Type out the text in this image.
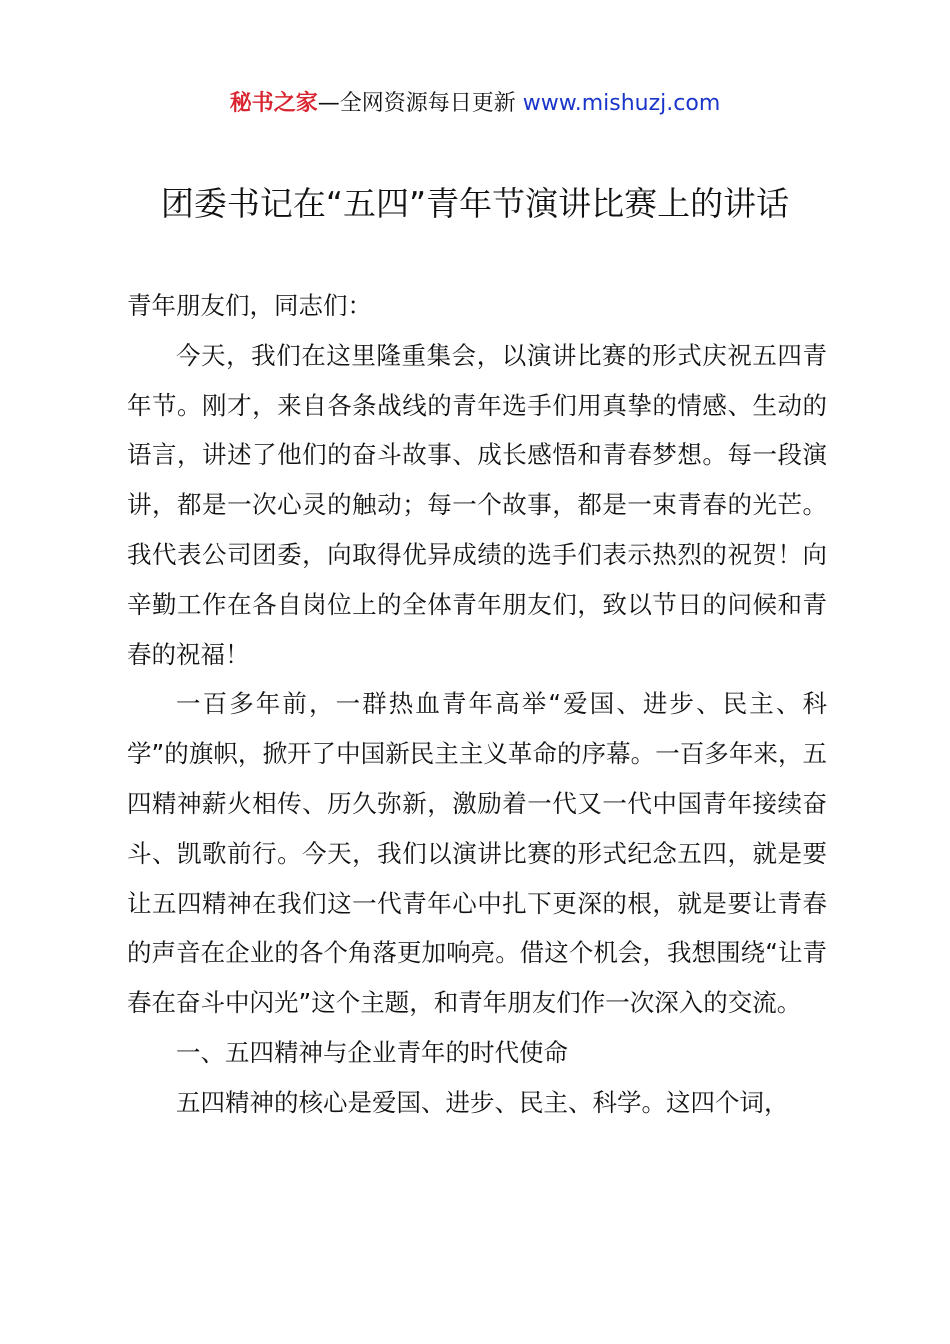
秘书之家—全网资源每日更新 www.mishuzj.com
团委书记在“五四”青年节演讲比赛上的讲话

青年朋友们，同志们：

今天，我们在这里隆重集会，以演讲比赛的形式庆祝五四青年节。刚才，来自各条战线的青年选手们用真挚的情感、生动的语言，讲述了他们的奋斗故事、成长感悟和青春梦想。每一段演讲，都是一次心灵的触动；每一个故事，都是一束青春的光芒。我代表公司团委，向取得优异成绩的选手们表示热烈的祝贺！向辛勤工作在各自岗位上的全体青年朋友们，致以节日的问候和青春的祝福！

一百多年前，一群热血青年高举“爱国、进步、民主、科学”的旗帜，掀开了中国新民主主义革命的序幕。一百多年来，五四精神薪火相传、历久弥新，激励着一代又一代中国青年接续奋斗、凯歌前行。今天，我们以演讲比赛的形式纪念五四，就是要让五四精神在我们这一代青年心中扎下更深的根，就是要让青春的声音在企业的各个角落更加响亮。借这个机会，我想围绕“让青春在奋斗中闪光”这个主题，和青年朋友们作一次深入的交流。

一、五四精神与企业青年的时代使命

五四精神的核心是爱国、进步、民主、科学。这四个词，
